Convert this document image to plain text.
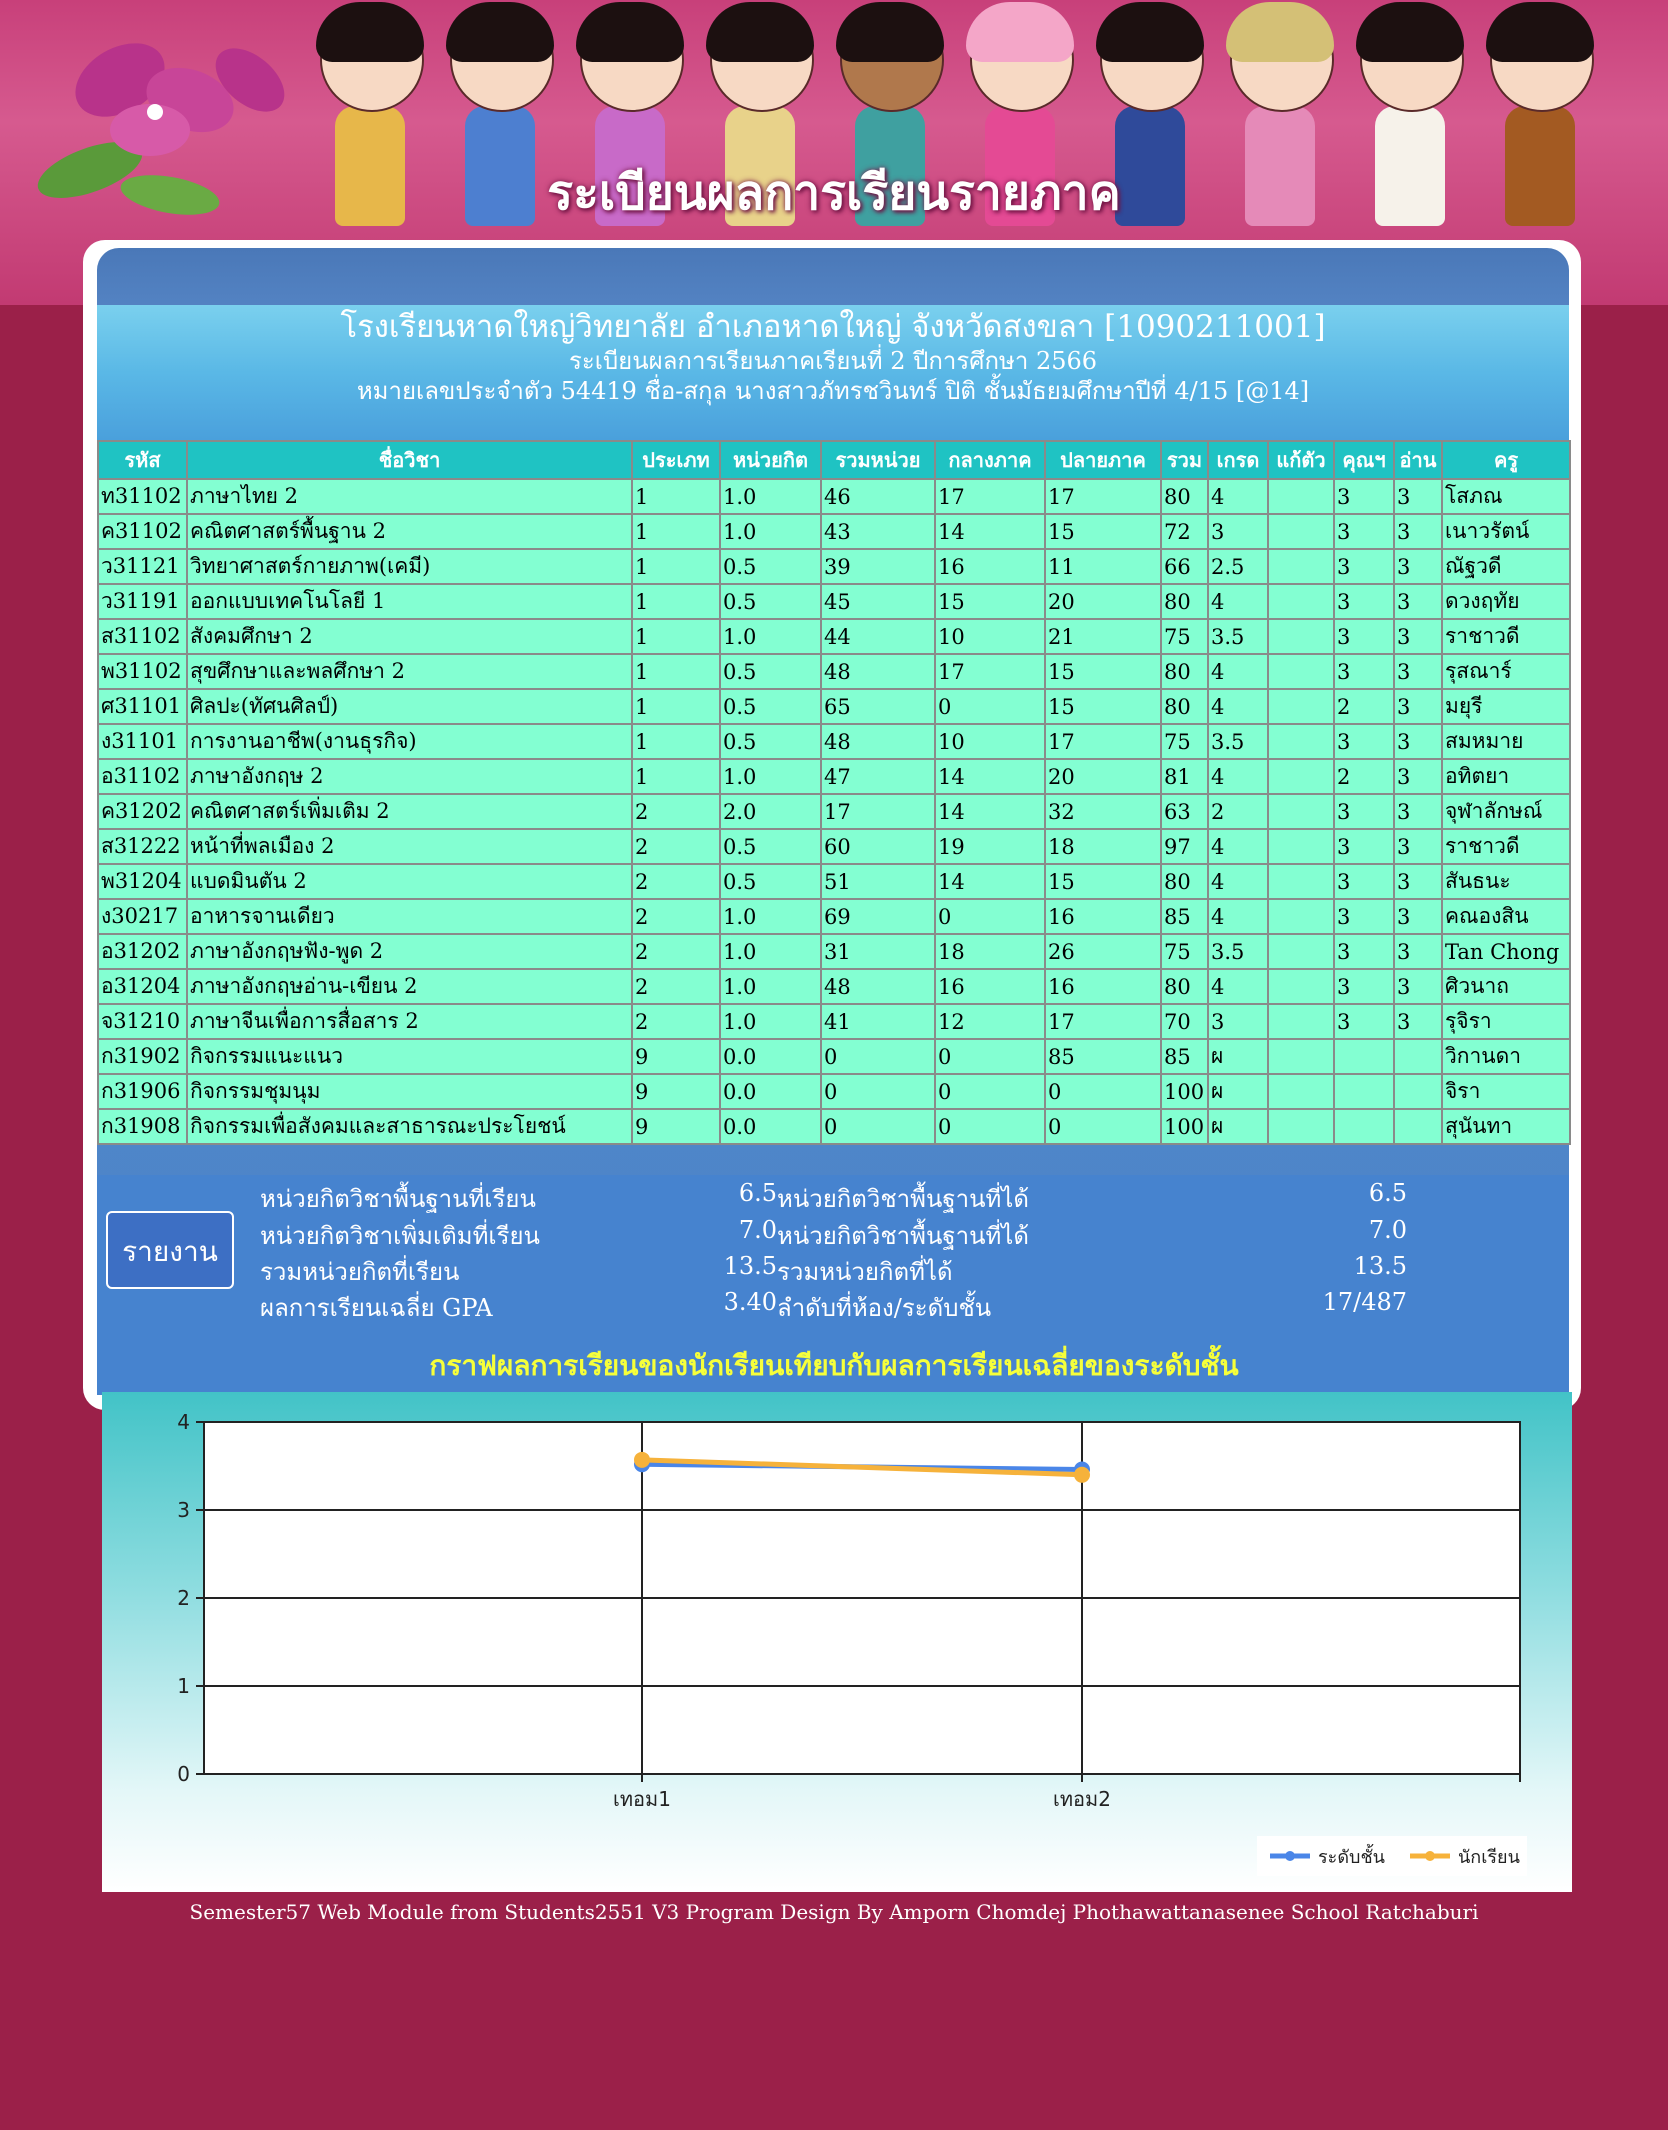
ระเบียนผลการเรียนรายภาค
โรงเรียนหาดใหญ่วิทยาลัย อำเภอหาดใหญ่ จังหวัดสงขลา [1090211001]
ระเบียนผลการเรียนภาคเรียนที่ 2 ปีการศึกษา 2566
หมายเลขประจำตัว 54419 ชื่อ-สกุล นางสาวภัทรชวินทร์ ปิติ ชั้นมัธยมศึกษาปีที่ 4/15 [@14]
รหัส	ชื่อวิชา	ประเภท	หน่วยกิต	รวมหน่วย	กลางภาค	ปลายภาค	รวม	เกรด	แก้ตัว	คุณฯ	อ่าน	ครู
ท31102	ภาษาไทย 2	1	1.0	46	17	17	80	4		3	3	โสภณ
ค31102	คณิตศาสตร์พื้นฐาน 2	1	1.0	43	14	15	72	3		3	3	เนาวรัตน์
ว31121	วิทยาศาสตร์กายภาพ(เคมี)	1	0.5	39	16	11	66	2.5		3	3	ณัฐวดี
ว31191	ออกแบบเทคโนโลยี 1	1	0.5	45	15	20	80	4		3	3	ดวงฤทัย
ส31102	สังคมศึกษา 2	1	1.0	44	10	21	75	3.5		3	3	ราชาวดี
พ31102	สุขศึกษาและพลศึกษา 2	1	0.5	48	17	15	80	4		3	3	รุสณาร์
ศ31101	ศิลปะ(ทัศนศิลป์)	1	0.5	65	0	15	80	4		2	3	มยุรี
ง31101	การงานอาชีพ(งานธุรกิจ)	1	0.5	48	10	17	75	3.5		3	3	สมหมาย
อ31102	ภาษาอังกฤษ 2	1	1.0	47	14	20	81	4		2	3	อทิตยา
ค31202	คณิตศาสตร์เพิ่มเติม 2	2	2.0	17	14	32	63	2		3	3	จุฬาลักษณ์
ส31222	หน้าที่พลเมือง 2	2	0.5	60	19	18	97	4		3	3	ราชาวดี
พ31204	แบดมินตัน 2	2	0.5	51	14	15	80	4		3	3	สันธนะ
ง30217	อาหารจานเดียว	2	1.0	69	0	16	85	4		3	3	คณองสิน
อ31202	ภาษาอังกฤษฟัง-พูด 2	2	1.0	31	18	26	75	3.5		3	3	Tan Chong
อ31204	ภาษาอังกฤษอ่าน-เขียน 2	2	1.0	48	16	16	80	4		3	3	ศิวนาถ
จ31210	ภาษาจีนเพื่อการสื่อสาร 2	2	1.0	41	12	17	70	3		3	3	รุจิรา
ก31902	กิจกรรมแนะแนว	9	0.0	0	0	85	85	ผ				วิกานดา
ก31906	กิจกรรมชุมนุม	9	0.0	0	0	0	100	ผ				จิรา
ก31908	กิจกรรมเพื่อสังคมและสาธารณะประโยชน์	9	0.0	0	0	0	100	ผ				สุนันทา
รายงาน
หน่วยกิตวิชาพื้นฐานที่เรียน	6.5 หน่วยกิตวิชาพื้นฐานที่ได้	6.5
หน่วยกิตวิชาเพิ่มเติมที่เรียน	7.0 หน่วยกิตวิชาพื้นฐานที่ได้	7.0
รวมหน่วยกิตที่เรียน	13.5 รวมหน่วยกิตที่ได้	13.5
ผลการเรียนเฉลี่ย GPA	3.40 ลำดับที่ห้อง/ระดับชั้น	17/487
กราฟผลการเรียนของนักเรียนเทียบกับผลการเรียนเฉลี่ยของระดับชั้น
0
1
2
3
4
เทอม1	เทอม2
ระดับชั้น	นักเรียน
Semester57 Web Module from Students2551 V3 Program Design By Amporn Chomdej Phothawattanasenee School Ratchaburi
